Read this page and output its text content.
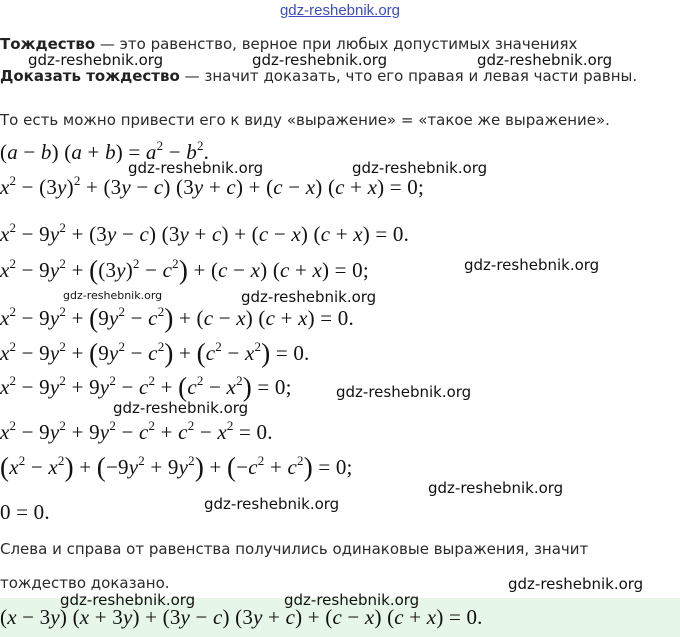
gdz-reshebnik.org
Тождество — это равенство, верное при любых допустимых значениях
Доказать тождество — значит доказать, что его правая и левая части равны.
gdz-reshebnik.org	gdz-reshebnik.org	gdz-reshebnik.org
То есть можно привести его к виду «выражение» = «такое же выражение».
(a − b) $(a + b) = a^2 - b^2$.
gdz-reshebnik.org	gdz-reshebnik.org
$x^2 - (3y)^2 + (3y - c) (3y + c) + (c - x) (c + x) = 0$;
$x^2 - 9y^2 + (3y - c) (3y + c) + (c - x) (c + x) = 0$.
$x^2 - 9y^2 + ((3y)^2 - c^2) + (c - x) (c + x) = 0$;	gdz-reshebnik.org
gdz-reshebnik.org	gdz-reshebnik.org
$x^2 - 9y^2 + (9y^2 - c^2) + (c - x) (c + x) = 0$.
$x^2 - 9y^2 + (9y^2 - c^2) + (c^2 - x^2) = 0$.
$x^2 - 9y^2 + 9y^2 - c^2 + (c^2 - x^2) = 0$;	gdz-reshebnik.org
gdz-reshebnik.org
$x^2 - 9y^2 + 9y^2 - c^2 + c^2 - x^2 = 0$.
$(x^2 - x^2) + (-9y^2 + 9y^2) + (-c^2 + c^2) = 0$;
gdz-reshebnik.org
gdz-reshebnik.org
0 = 0.
Слева и справа от равенства получились одинаковые выражения, значит
тождество доказано.	gdz-reshebnik.org
(x − 3y) (x + 3y) + (3y − c) (3y + c) + (c − x) (c + x) = 0.
gdz-reshebnik.org	gdz-reshebnik.org
